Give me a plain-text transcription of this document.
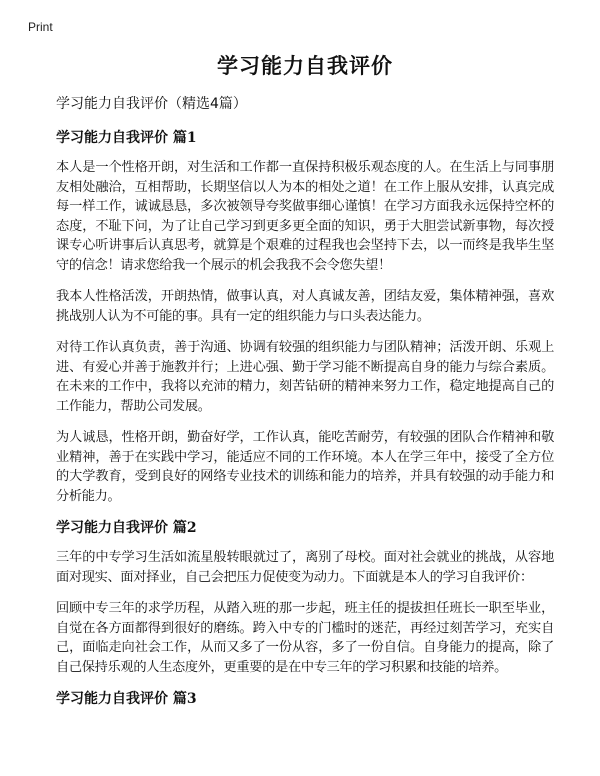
Print
学习能力自我评价

学习能力自我评价（精选4篇）

学习能力自我评价 篇1

本人是一个性格开朗，对生活和工作都一直保持积极乐观态度的人。在生活上与同事朋友相处融洽，互相帮助，长期坚信以人为本的相处之道！在工作上服从安排，认真完成每一样工作，诚诚恳恳，多次被领导夸奖做事细心谨慎！在学习方面我永远保持空杯的态度，不耻下问，为了让自己学习到更多更全面的知识，勇于大胆尝试新事物，每次授课专心听讲事后认真思考，就算是个艰难的过程我也会坚持下去，以一而终是我毕生坚守的信念！请求您给我一个展示的机会我我不会令您失望！

我本人性格活泼，开朗热情，做事认真，对人真诚友善，团结友爱，集体精神强，喜欢挑战别人认为不可能的事。具有一定的组织能力与口头表达能力。

对待工作认真负责，善于沟通、协调有较强的组织能力与团队精神；活泼开朗、乐观上进、有爱心并善于施教并行；上进心强、勤于学习能不断提高自身的能力与综合素质。在未来的工作中，我将以充沛的精力，刻苦钻研的精神来努力工作，稳定地提高自己的工作能力，帮助公司发展。

为人诚恳，性格开朗，勤奋好学，工作认真，能吃苦耐劳，有较强的团队合作精神和敬业精神，善于在实践中学习，能适应不同的工作环境。本人在学三年中，接受了全方位的大学教育，受到良好的网络专业技术的训练和能力的培养，并具有较强的动手能力和分析能力。

学习能力自我评价 篇2

三年的中专学习生活如流星般转眼就过了，离别了母校。面对社会就业的挑战，从容地面对现实、面对择业，自己会把压力促使变为动力。下面就是本人的学习自我评价：

回顾中专三年的求学历程，从踏入班的那一步起，班主任的提拔担任班长一职至毕业，自觉在各方面都得到很好的磨练。跨入中专的门槛时的迷茫，再经过刻苦学习，充实自己，面临走向社会工作，从而又多了一份从容，多了一份自信。自身能力的提高，除了自己保持乐观的人生态度外，更重要的是在中专三年的学习积累和技能的培养。

学习能力自我评价 篇3
